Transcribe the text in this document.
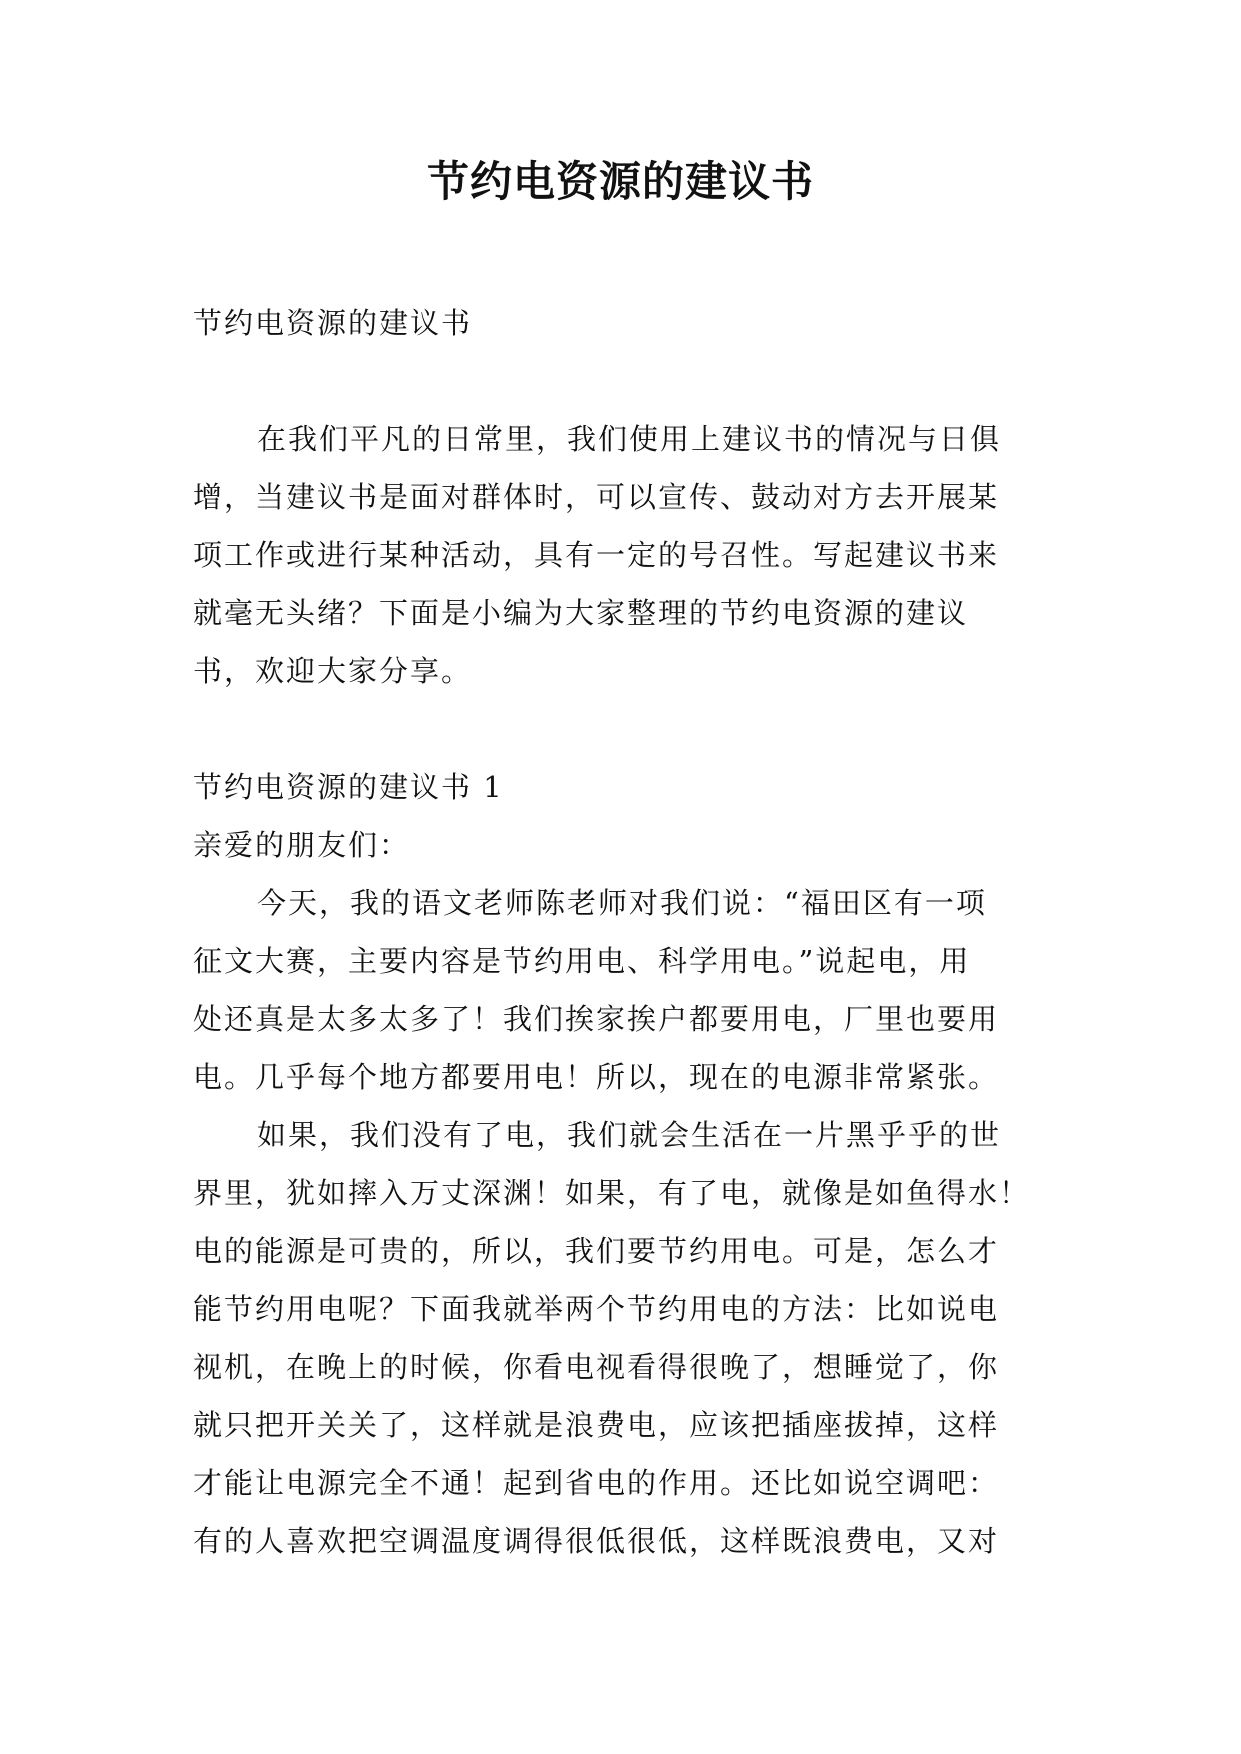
节约电资源的建议书

节约电资源的建议书

在我们平凡的日常里，我们使用上建议书的情况与日俱

增，当建议书是面对群体时，可以宣传、鼓动对方去开展某

项工作或进行某种活动，具有一定的号召性。写起建议书来

就毫无头绪？下面是小编为大家整理的节约电资源的建议

书，欢迎大家分享。

节约电资源的建议书 1

亲爱的朋友们：

今天，我的语文老师陈老师对我们说：“福田区有一项

征文大赛，主要内容是节约用电、科学用电。”说起电，用

处还真是太多太多了！我们挨家挨户都要用电，厂里也要用

电。几乎每个地方都要用电！所以，现在的电源非常紧张。

如果，我们没有了电，我们就会生活在一片黑乎乎的世

界里，犹如摔入万丈深渊！如果，有了电，就像是如鱼得水！

电的能源是可贵的，所以，我们要节约用电。可是，怎么才

能节约用电呢？下面我就举两个节约用电的方法：比如说电

视机，在晚上的时候，你看电视看得很晚了，想睡觉了，你

就只把开关关了，这样就是浪费电，应该把插座拔掉，这样

才能让电源完全不通！起到省电的作用。还比如说空调吧：

有的人喜欢把空调温度调得很低很低，这样既浪费电，又对
